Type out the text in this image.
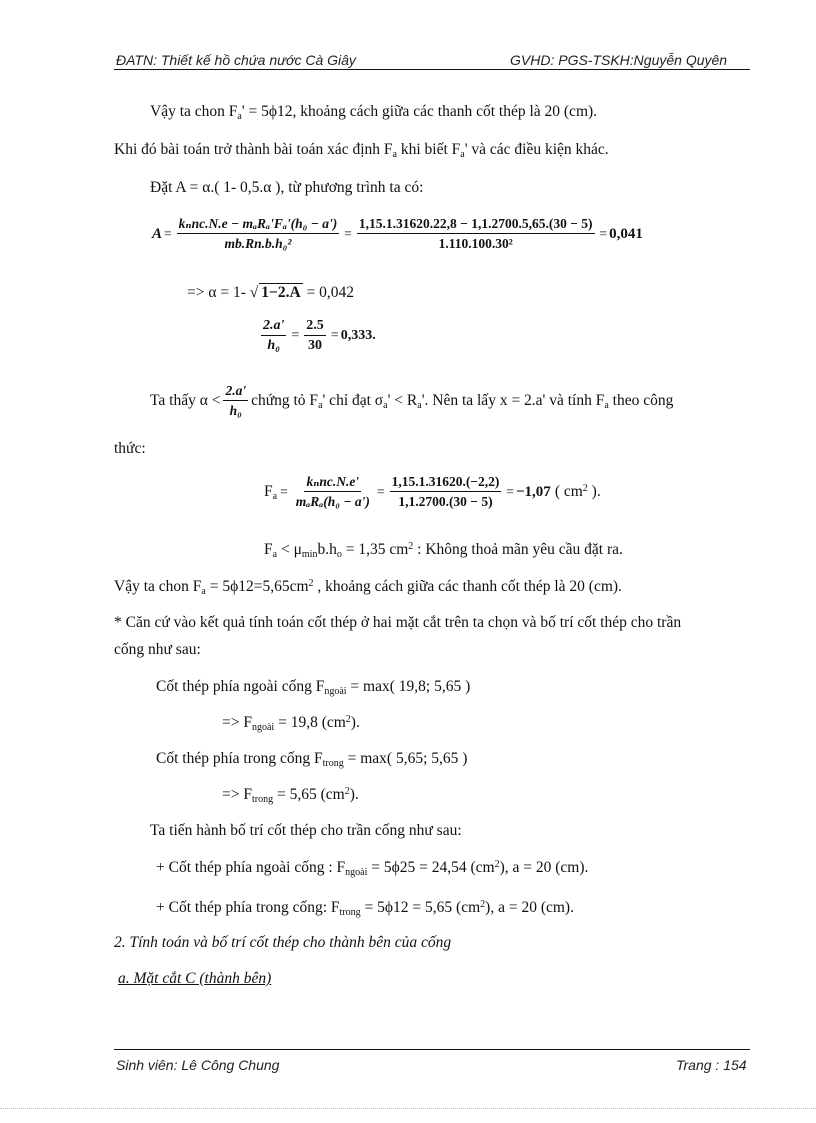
ĐATN: Thiết kế hồ chứa nước Cà Giây	GVHD: PGS-TSKH:Nguyễn Quyên
Vậy ta chon $F_a' = 5\phi 12$, khoảng cách giữa các thanh cốt thép là 20 (cm).
Khi đó bài toán trở thành bài toán xác định $F_a$ khi biết $F_a'$ và các điều kiện khác.
Đặt A = α.( 1- 0,5.α ), từ phương trình ta có:
$A = \frac{\text{kₙnc.N.e − mₐRₐ'Fₐ'(h₀ − a')}}{\text{mb.Rn.b.h₀²}} = \frac{1,15.1.31620.22,8 - 1,1.2700.5,65.(30 - 5)}{\text{1.110.100.30²}} = 0,041$
=> α = 1- √ 1−2.A = 0,042
$\frac{2.a'}{\text{h₀}} = \frac{2.5}{30} = 0,333$.
Ta thấy $\alpha < \frac{2.a'}{\text{h₀}}$ chứng tỏ $F_a'$ chỉ đạt $\sigma_a' < R_a'$. Nên ta lấy x = 2.a' và tính $F_a$ theo công
thức:
$F_a = \frac{\text{kₙnc.N.e'}}{\text{mₐRₐ(h₀ − a')}} = \frac{1,15.1.31620.(-2,2)}{1,1.2700.(30 - 5)} = -1,07$ ( $cm^2$ ).
$F_a < \mu_{min}b.h_o = 1,35$ $cm^2$ : Không thoả mãn yêu cầu đặt ra.
Vậy ta chon $F_a = 5\phi 12=5,65cm^2$ , khoảng cách giữa các thanh cốt thép là 20 (cm).
* Căn cứ vào kết quả tính toán cốt thép ở hai mặt cắt trên ta chọn và bố trí cốt thép cho trần
cống như sau:
Cốt thép phía ngoài cống $F_{ngoài} = \max$( 19,8; 5,65 )
=> $F_{ngoài} = 19,8$ $(cm^2)$.
Cốt thép phía trong cống $F_{trong} = \max$( 5,65; 5,65 )
=> $F_{trong} = 5,65$ $(cm^2)$.
Ta tiến hành bố trí cốt thép cho trần cống như sau:
+ Cốt thép phía ngoài cống : $F_{ngoài} = 5\phi 25 = 24,54$ $(cm^2)$, a = 20 (cm).
+ Cốt thép phía trong cống: $F_{trong} = 5\phi 12 = 5,65$ $(cm^2)$, a = 20 (cm).
2. Tính toán và bố trí cốt thép cho thành bên của cống
a. Mặt cắt C (thành bên)
Sinh viên: Lê Công Chung	Trang : 154
